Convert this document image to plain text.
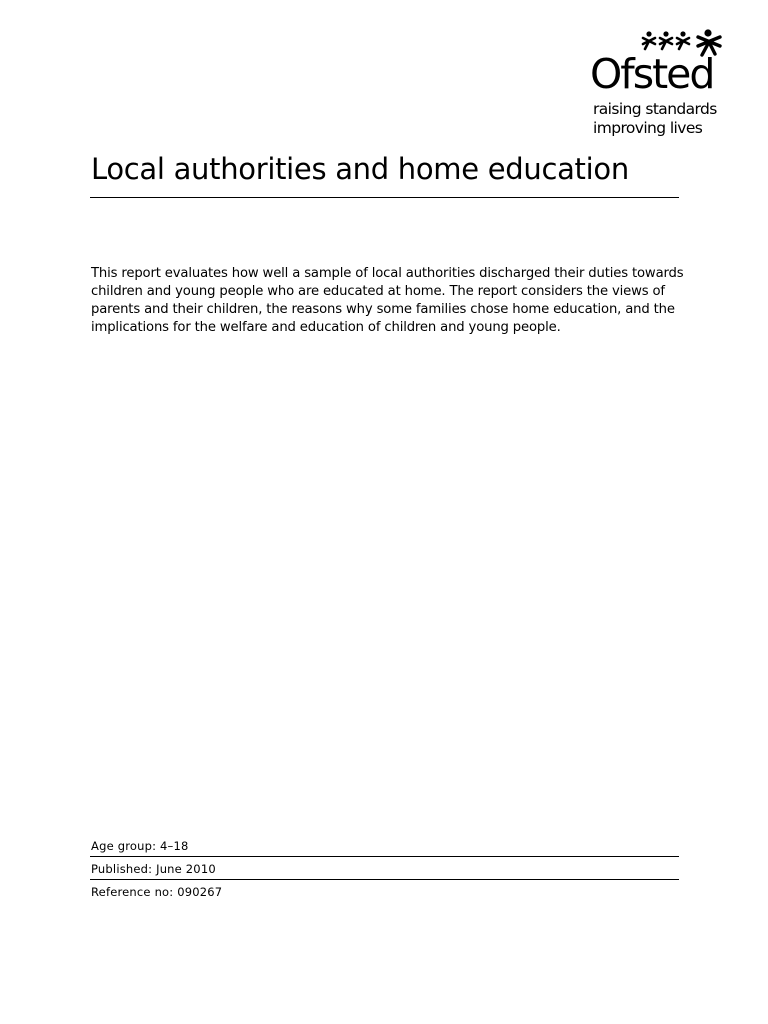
Ofsted
raising standards
improving lives
Local authorities and home education

This report evaluates how well a sample of local authorities discharged their duties towards children and young people who are educated at home. The report considers the views of parents and their children, the reasons why some families chose home education, and the implications for the welfare and education of children and young people.

Age group: 4–18
Published: June 2010
Reference no: 090267
